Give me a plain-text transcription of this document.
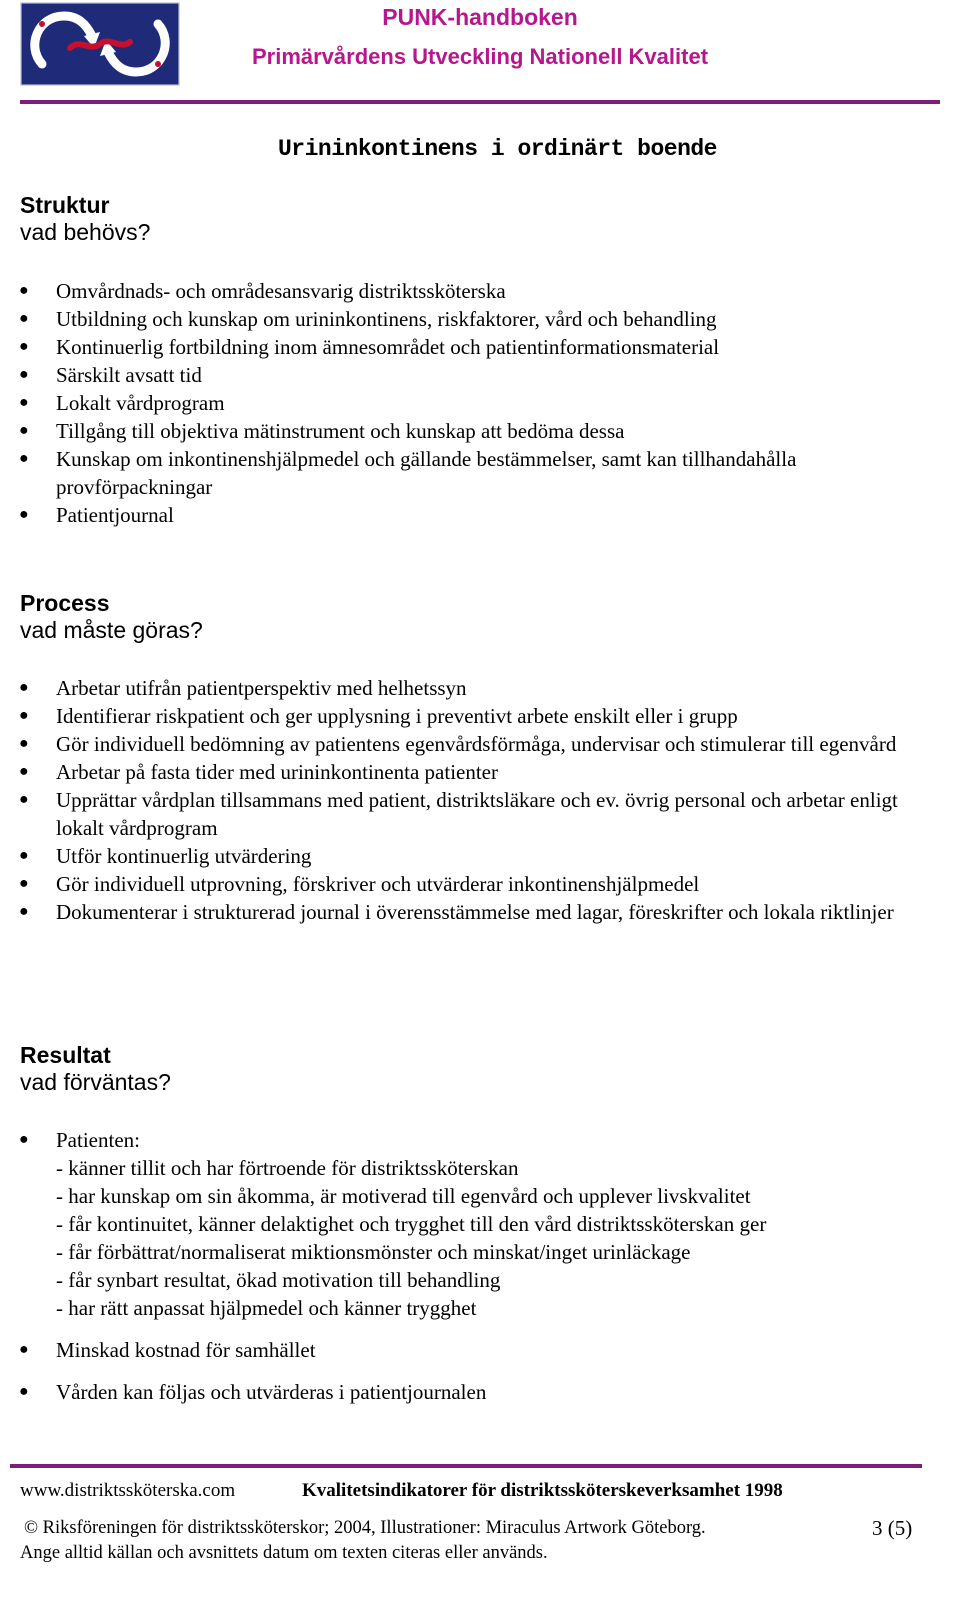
PUNK-handboken
Primärvårdens Utveckling Nationell Kvalitet
Urininkontinens i ordinärt boende
Struktur
vad behövs?
● Omvårdnads- och områdesansvarig distriktssköterska
● Utbildning och kunskap om urininkontinens, riskfaktorer, vård och behandling
● Kontinuerlig fortbildning inom ämnesområdet och patientinformationsmaterial
● Särskilt avsatt tid
● Lokalt vårdprogram
● Tillgång till objektiva mätinstrument och kunskap att bedöma dessa
● Kunskap om inkontinenshjälpmedel och gällande bestämmelser, samt kan tillhandahålla provförpackningar
● Patientjournal
Process
vad måste göras?
● Arbetar utifrån patientperspektiv med helhetssyn
● Identifierar riskpatient och ger upplysning i preventivt arbete enskilt eller i grupp
● Gör individuell bedömning av patientens egenvårdsförmåga, undervisar och stimulerar till egenvård
● Arbetar på fasta tider med urininkontinenta patienter
● Upprättar vårdplan tillsammans med patient, distriktsläkare och ev. övrig personal och arbetar enligt lokalt vårdprogram
● Utför kontinuerlig utvärdering
● Gör individuell utprovning, förskriver och utvärderar inkontinenshjälpmedel
● Dokumenterar i strukturerad journal i överensstämmelse med lagar, föreskrifter och lokala riktlinjer
Resultat
vad förväntas?
● Patienten:
- känner tillit och har förtroende för distriktssköterskan
- har kunskap om sin åkomma, är motiverad till egenvård och upplever livskvalitet
- får kontinuitet, känner delaktighet och trygghet till den vård distriktssköterskan ger
- får förbättrat/normaliserat miktionsmönster och minskat/inget urinläckage
- får synbart resultat, ökad motivation till behandling
- har rätt anpassat hjälpmedel och känner trygghet
● Minskad kostnad för samhället
● Vården kan följas och utvärderas i patientjournalen
www.distriktssköterska.com	Kvalitetsindikatorer för distriktssköterskeverksamhet 1998
© Riksföreningen för distriktssköterskor; 2004, Illustrationer: Miraculus Artwork Göteborg.
Ange alltid källan och avsnittets datum om texten citeras eller används.
3 (5)
